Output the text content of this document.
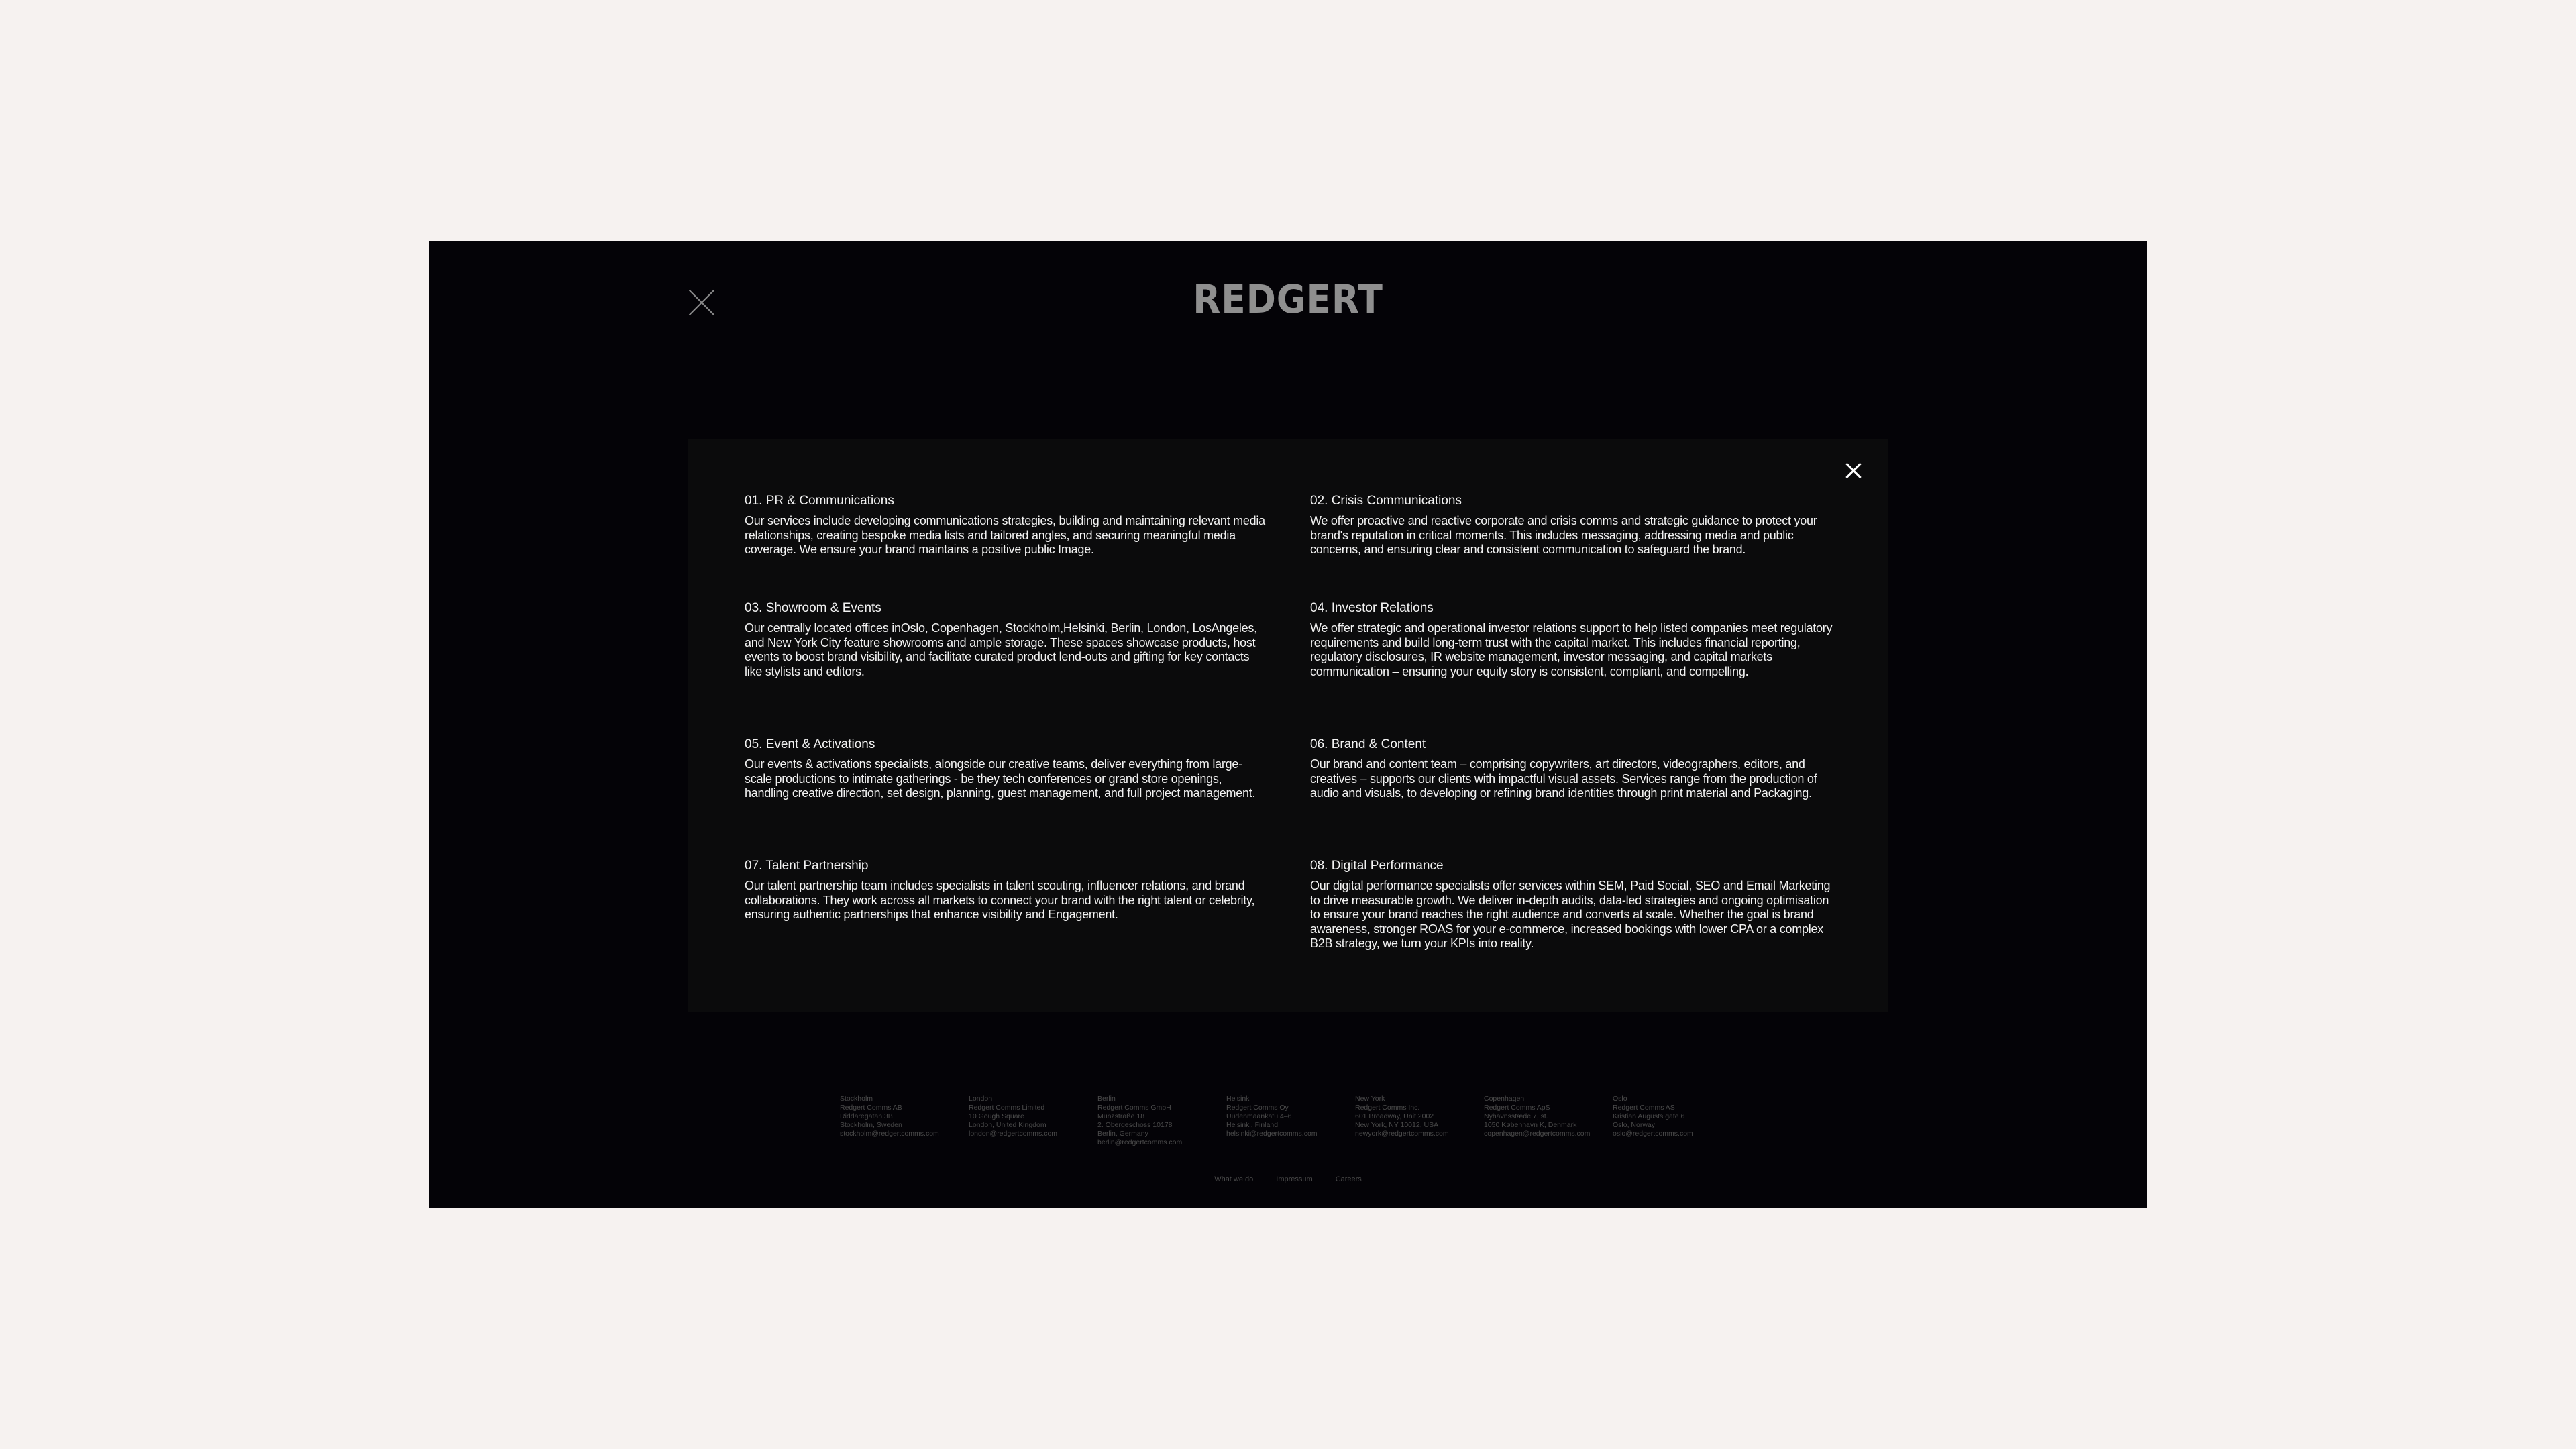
REDGERT
01. PR & Communications

Our services include developing communications strategies, building and maintaining relevant media relationships, creating bespoke media lists and tailored angles, and securing meaningful media coverage. We ensure your brand maintains a positive public Image.

02. Crisis Communications

We offer proactive and reactive corporate and crisis comms and strategic guidance to protect your brand's reputation in critical moments. This includes messaging, addressing media and public concerns, and ensuring clear and consistent communication to safeguard the brand.

03. Showroom & Events

Our centrally located offices inOslo, Copenhagen, Stockholm,Helsinki, Berlin, London, LosAngeles, and New York City feature showrooms and ample storage. These spaces showcase products, host events to boost brand visibility, and facilitate curated product lend-outs and gifting for key contacts like stylists and editors.

04. Investor Relations

We offer strategic and operational investor relations support to help listed companies meet regulatory requirements and build long-term trust with the capital market. This includes financial reporting, regulatory disclosures, IR website management, investor messaging, and capital markets communication – ensuring your equity story is consistent, compliant, and compelling.

05. Event & Activations

Our events & activations specialists, alongside our creative teams, deliver everything from large-scale productions to intimate gatherings - be they tech conferences or grand store openings, handling creative direction, set design, planning, guest management, and full project management.

06. Brand & Content

Our brand and content team – comprising copywriters, art directors, videographers, editors, and creatives – supports our clients with impactful visual assets. Services range from the production of audio and visuals, to developing or refining brand identities through print material and Packaging.

07. Talent Partnership

Our talent partnership team includes specialists in talent scouting, influencer relations, and brand collaborations. They work across all markets to connect your brand with the right talent or celebrity, ensuring authentic partnerships that enhance visibility and Engagement.

08. Digital Performance

Our digital performance specialists offer services within SEM, Paid Social, SEO and Email Marketing to drive measurable growth. We deliver in-depth audits, data-led strategies and ongoing optimisation to ensure your brand reaches the right audience and converts at scale. Whether the goal is brand awareness, stronger ROAS for your e-commerce, increased bookings with lower CPA or a complex B2B strategy, we turn your KPIs into reality.

Stockholm
Redgert Comms AB
Riddaregatan 3B
Stockholm, Sweden
stockholm@redgertcomms.com
London
Redgert Comms Limited
10 Gough Square
London, United Kingdom
london@redgertcomms.com
Berlin
Redgert Comms GmbH
Münzstraße 18
2. Obergeschoss 10178
Berlin, Germany
berlin@redgertcomms.com
Helsinki
Redgert Comms Oy
Uudenmaankatu 4–6
Helsinki, Finland
helsinki@redgertcomms.com
New York
Redgert Comms Inc.
601 Broadway, Unit 2002
New York, NY 10012, USA
newyork@redgertcomms.com
Copenhagen
Redgert Comms ApS
Nyhavnsstæde 7, st.
1050 København K, Denmark
copenhagen@redgertcomms.com
Oslo
Redgert Comms AS
Kristian Augusts gate 6
Oslo, Norway
oslo@redgertcomms.com
What we do	Impressum	Careers
